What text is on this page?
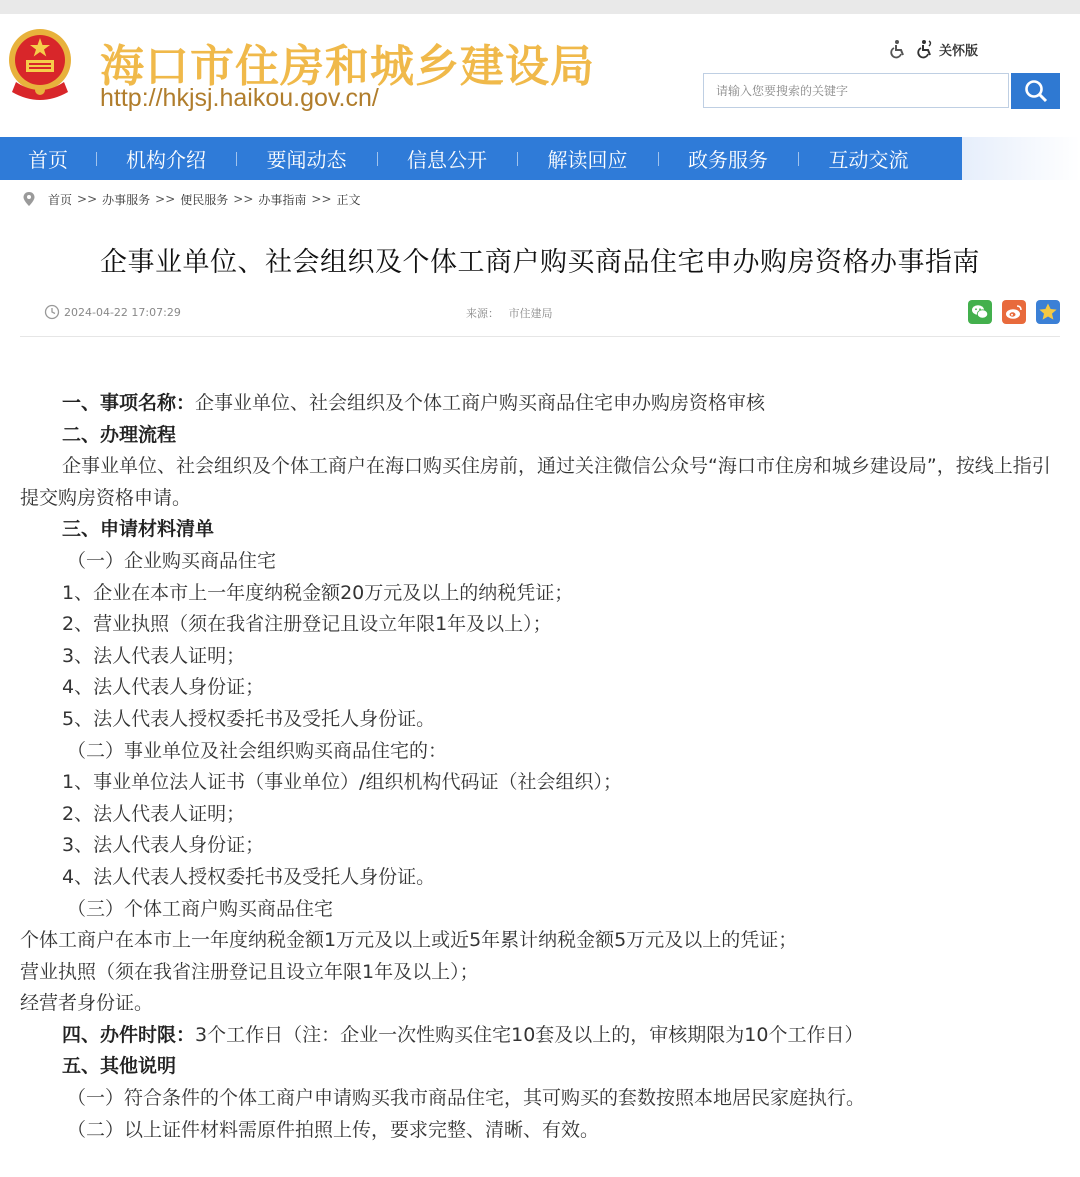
海口市住房和城乡建设局
http://hkjsj.haikou.gov.cn/
关怀版
请输入您要搜索的关键字
首页	机构介绍	要闻动态	信息公开	解读回应	政务服务	互动交流
首页 >> 办事服务 >> 便民服务 >> 办事指南 >> 正文
企事业单位、社会组织及个体工商户购买商品住宅申办购房资格办事指南
2024-04-22 17:07:29	来源： 市住建局
一、事项名称：企事业单位、社会组织及个体工商户购买商品住宅申办购房资格审核
二、办理流程
企事业单位、社会组织及个体工商户在海口购买住房前，通过关注微信公众号“海口市住房和城乡建设局”，按线上指引提交购房资格申请。
三、申请材料清单
（一）企业购买商品住宅
1、企业在本市上一年度纳税金额20万元及以上的纳税凭证；
2、营业执照（须在我省注册登记且设立年限1年及以上）；
3、法人代表人证明；
4、法人代表人身份证；
5、法人代表人授权委托书及受托人身份证。
（二）事业单位及社会组织购买商品住宅的：
1、事业单位法人证书（事业单位）/组织机构代码证（社会组织）；
2、法人代表人证明；
3、法人代表人身份证；
4、法人代表人授权委托书及受托人身份证。
（三）个体工商户购买商品住宅
个体工商户在本市上一年度纳税金额1万元及以上或近5年累计纳税金额5万元及以上的凭证；
营业执照（须在我省注册登记且设立年限1年及以上）；
经营者身份证。
四、办件时限：3个工作日（注：企业一次性购买住宅10套及以上的，审核期限为10个工作日）
五、其他说明
（一）符合条件的个体工商户申请购买我市商品住宅，其可购买的套数按照本地居民家庭执行。
（二）以上证件材料需原件拍照上传，要求完整、清晰、有效。
